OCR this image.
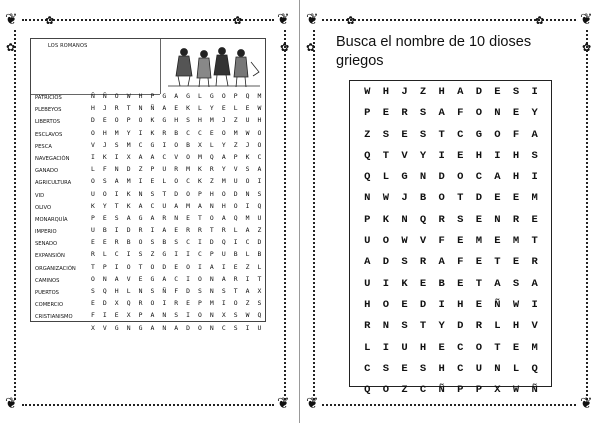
❦	❦
❦	❦
✿	✿
✿	✿	❦	❦
❦	❦
✿	✿
✿	✿
LOS ROMANOS
PATRICIOS
PLEBEYOS
LIBERTOS
ESCLAVOS
PESCA
NAVEGACIÓN
GANADO
AGRICULTURA
VID
OLIVO
MONARQUÍA
IMPERIO
SENADO
EXPANSIÓN
ORGANIZACIÓN
CAMINOS
PUERTOS
COMERCIO
CRISTIANISMO
Ñ	Ñ	O	W	H	P	G	A	G	L	G	O	P	Q	M
H	J	R	T	N	Ñ	A	E	K	L	Y	E	L	E	W
D	E	O	P	O	K	G	H	S	H	M	J	Z	U	H
O	H	M	Y	I	K	R	B	C	C	E	O	M	W	O
V	J	S	M	C	G	I	O	B	X	L	Y	Z	J	O
I	K	I	X	A	A	C	V	O	M	Q	A	P	K	C
L	F	N	D	Z	P	U	R	M	K	R	Y	V	S	A
O	S	A	M	I	E	L	O	C	K	Z	M	U	O	I
U	O	I	K	N	S	T	D	O	P	H	O	D	N	S
K	Y	T	K	A	C	U	A	M	A	N	H	O	I	Q
P	E	S	A	G	A	R	N	E	T	O	A	Q	M	U
U	B	I	D	R	I	A	E	R	R	T	R	L	A	Z
E	E	R	B	O	S	B	S	C	I	D	Q	I	C	D
R	L	C	I	S	Z	G	I	I	C	P	U	B	L	B
T	P	I	O	T	O	D	E	O	I	A	I	E	Z	L
O	N	A	V	E	G	A	C	I	O	N	A	R	I	T
S	Q	H	L	N	S	Ñ	F	D	S	N	S	T	A	X
E	D	X	Q	R	O	I	R	E	P	M	I	O	Z	S
F	I	E	X	P	A	N	S	I	O	N	X	S	W	Q
X	V	G	N	G	A	N	A	D	O	N	C	S	I	U
Busca el nombre de 10 dioses
griegos
W	H	J	Z	H	A	D	E	S	I
P	E	R	S	A	F	O	N	E	Y
Z	S	E	S	T	C	G	O	F	A
Q	T	V	Y	I	E	H	I	H	S
Q	L	G	N	D	O	C	A	H	I
N	W	J	B	O	T	D	E	E	M
P	K	N	Q	R	S	E	N	R	E
U	O	W	V	F	E	M	E	M	T
A	D	S	R	A	F	E	T	E	R
U	I	K	E	B	E	T	A	S	A
H	O	E	D	I	H	E	Ñ	W	I
R	N	S	T	Y	D	R	L	H	V
L	I	U	H	E	C	O	T	E	M
C	S	E	S	H	C	U	N	L	Q
Q	O	Z	C	Ñ	P	P	X	W	Ñ
